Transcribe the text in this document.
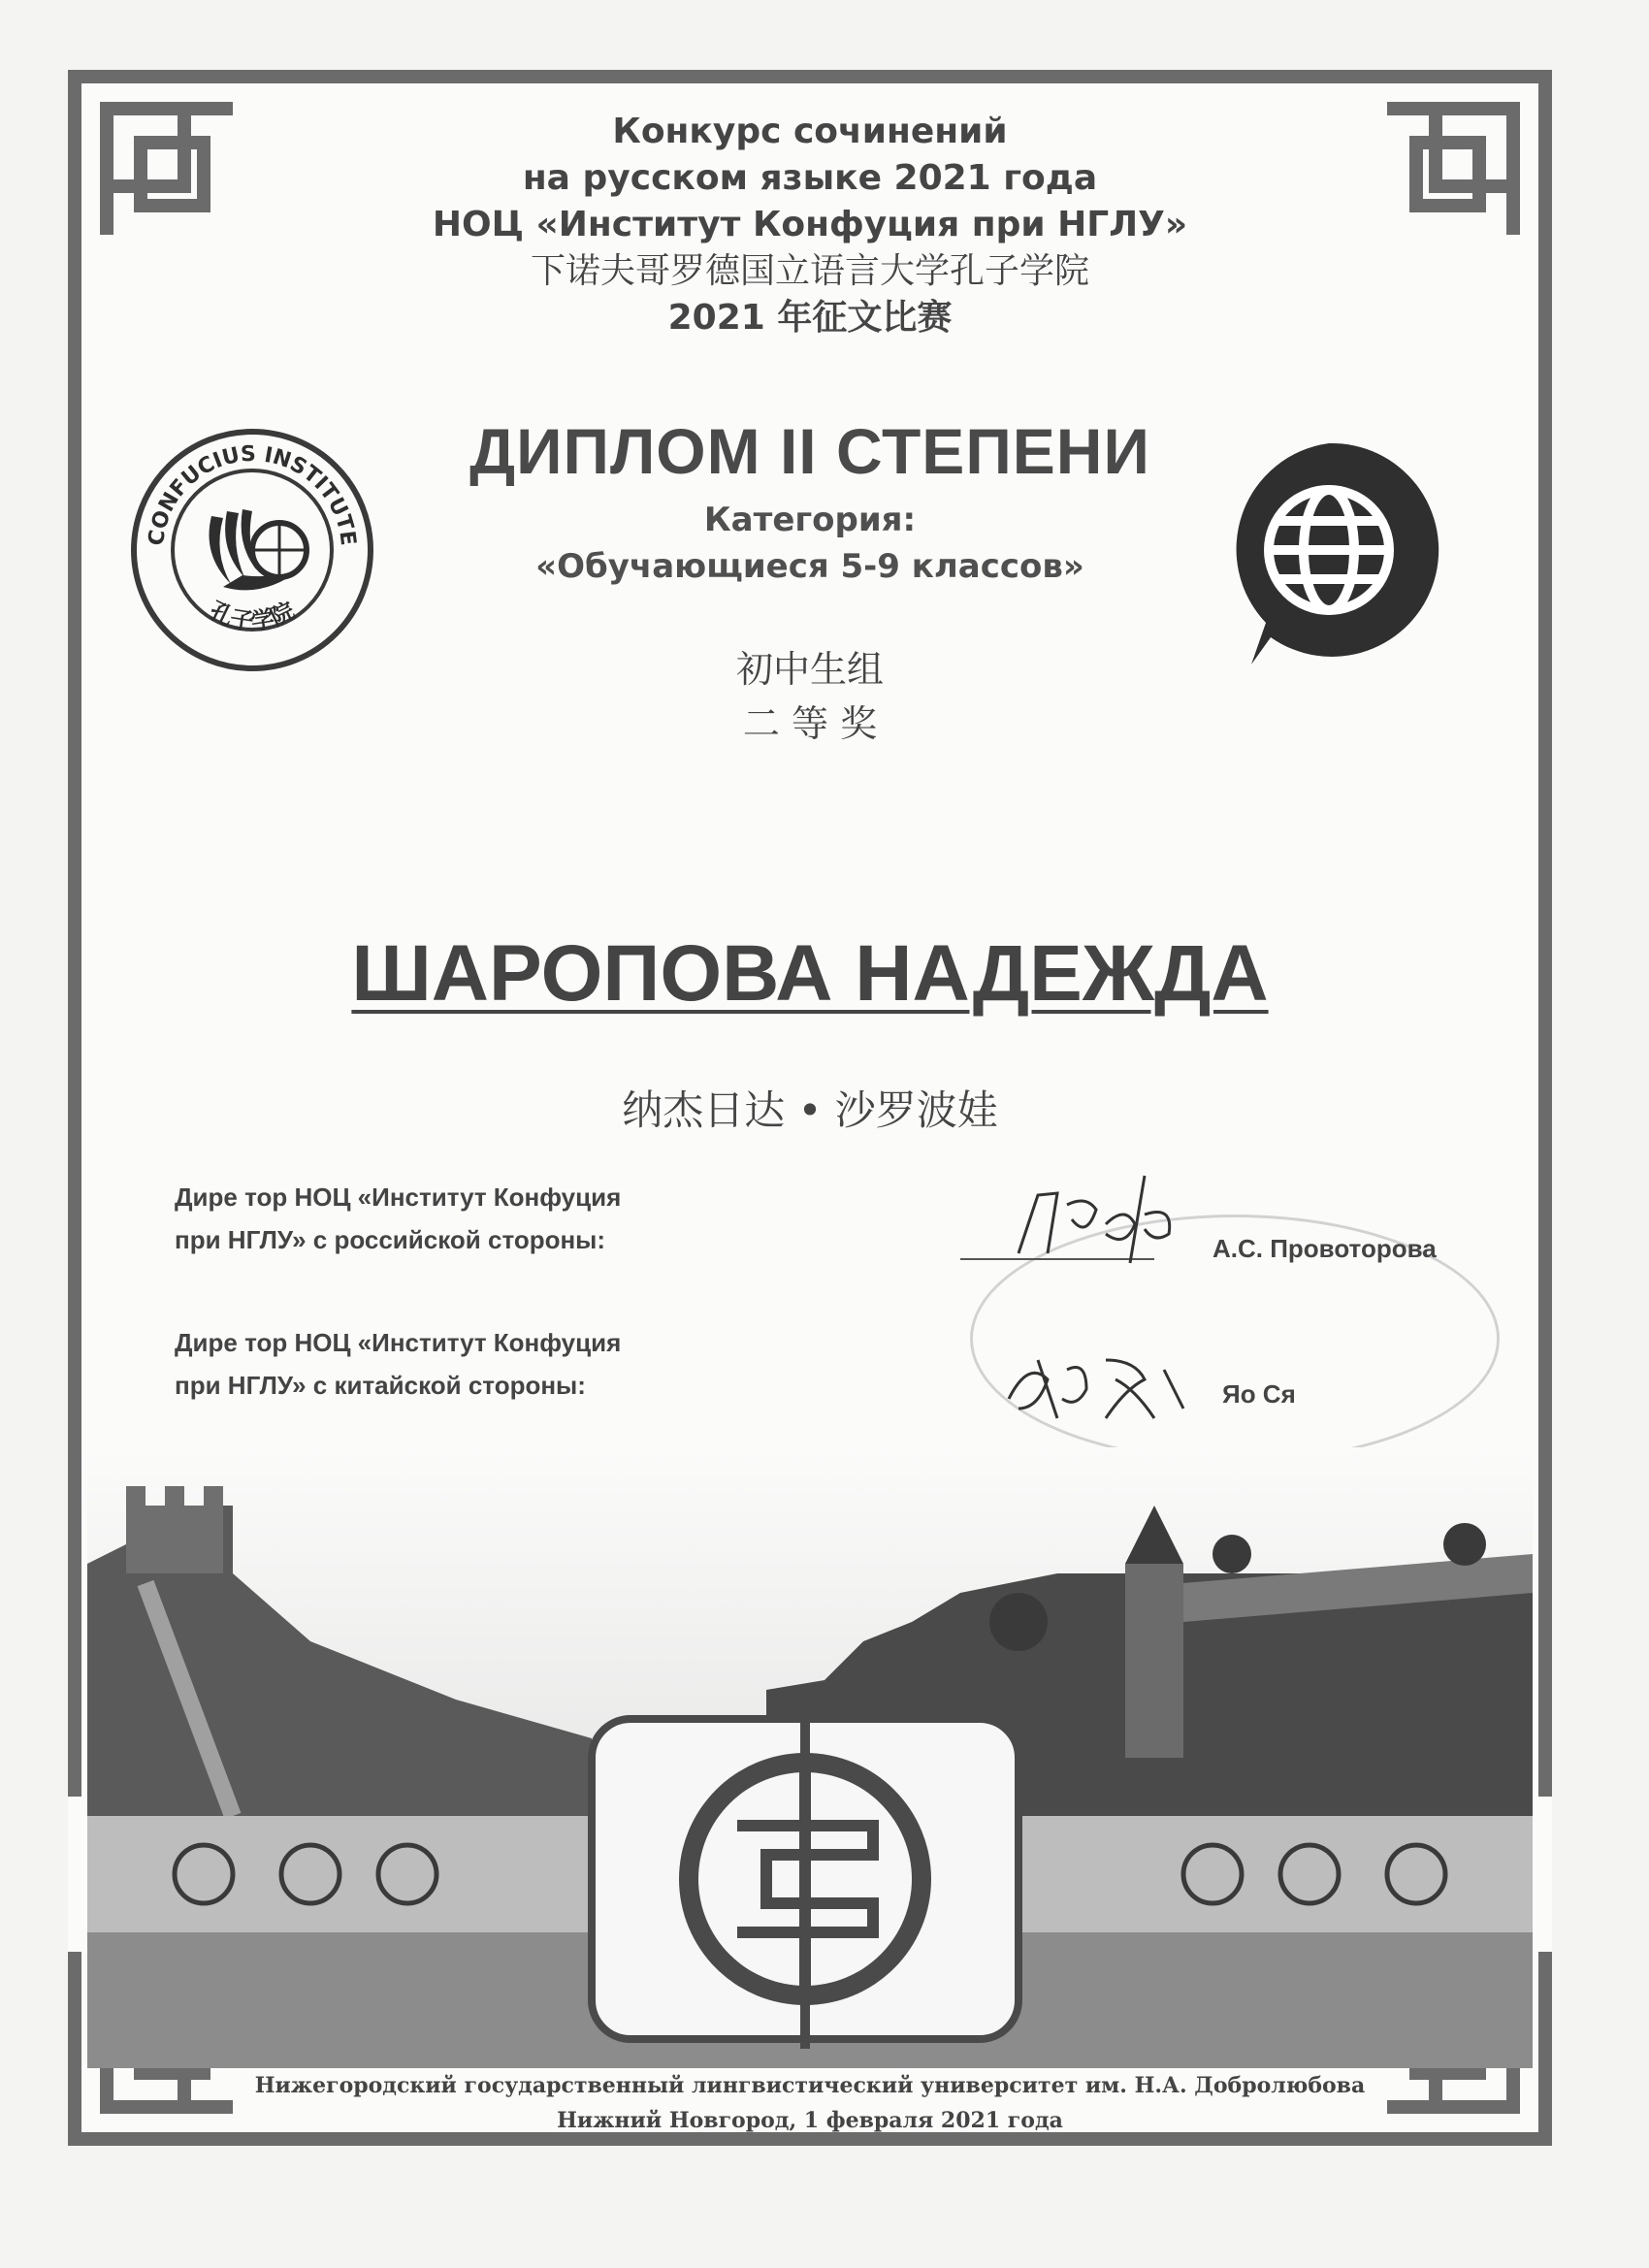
Конкурс сочинений
на русском языке 2021 года
НОЦ «Институт Конфуция при НГЛУ»
下诺夫哥罗德国立语言大学孔子学院
2021 年征文比赛
CONFUCIUS INSTITUTE
孔子学院
ДИПЛОМ II СТЕПЕНИ
Категория:
«Обучающиеся 5-9 классов»
初中生组
二 等 奖
ШАРОПОВА НАДЕЖДА
纳杰日达 • 沙罗波娃
Дире тор НОЦ «Институт Конфуция
при НГЛУ» с российской стороны:	А.С. Провоторова
Дире тор НОЦ «Институт Конфуция
при НГЛУ» с китайской стороны:	Яо Ся
Нижегородский государственный лингвистический университет им. Н.А. Добролюбова
Нижний Новгород, 1 февраля 2021 года
